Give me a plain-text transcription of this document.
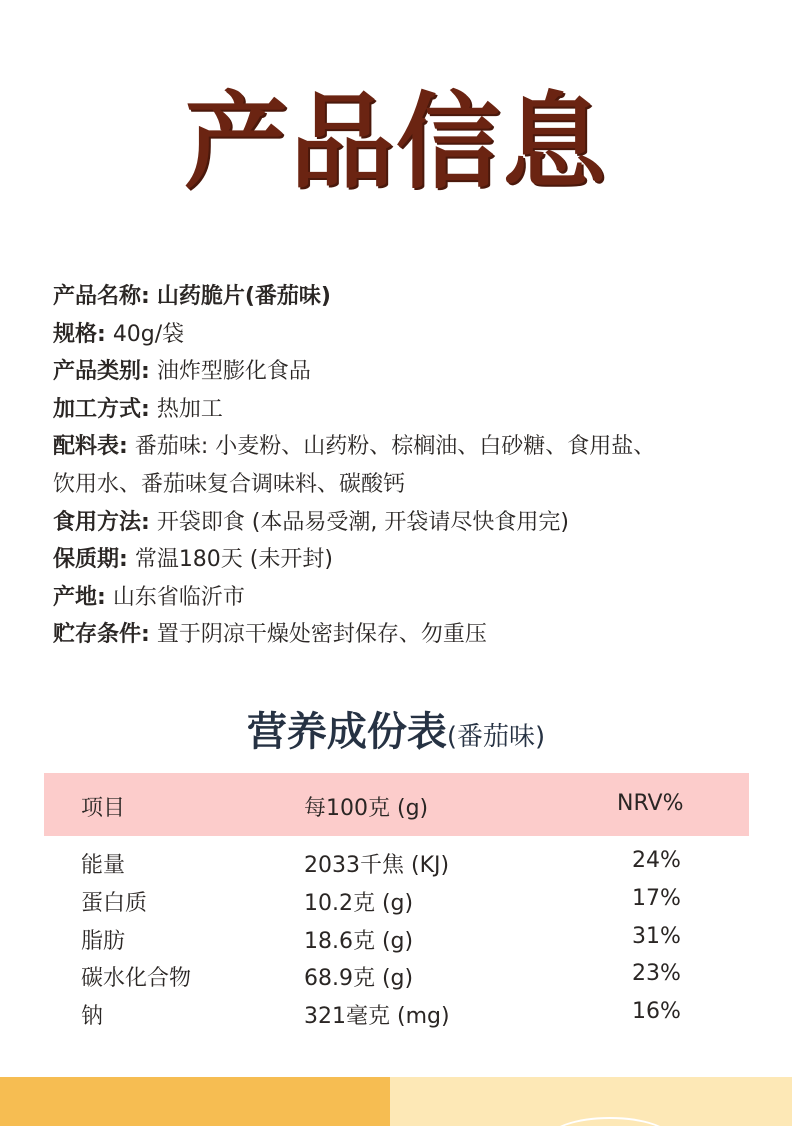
产品信息
产品名称: 山药脆片(番茄味)
规格: 40g/袋
产品类别: 油炸型膨化食品
加工方式: 热加工
配料表: 番茄味: 小麦粉、山药粉、棕榈油、白砂糖、食用盐、
饮用水、番茄味复合调味料、碳酸钙
食用方法: 开袋即食 (本品易受潮, 开袋请尽快食用完)
保质期: 常温180天 (未开封)
产地: 山东省临沂市
贮存条件: 置于阴凉干燥处密封保存、勿重压
营养成份表(番茄味)
项目	每100克 (g)	NRV%
能量	2033千焦 (KJ)	24%
蛋白质	10.2克 (g)	17%
脂肪	18.6克 (g)	31%
碳水化合物	68.9克 (g)	23%
钠	321毫克 (mg)	16%
